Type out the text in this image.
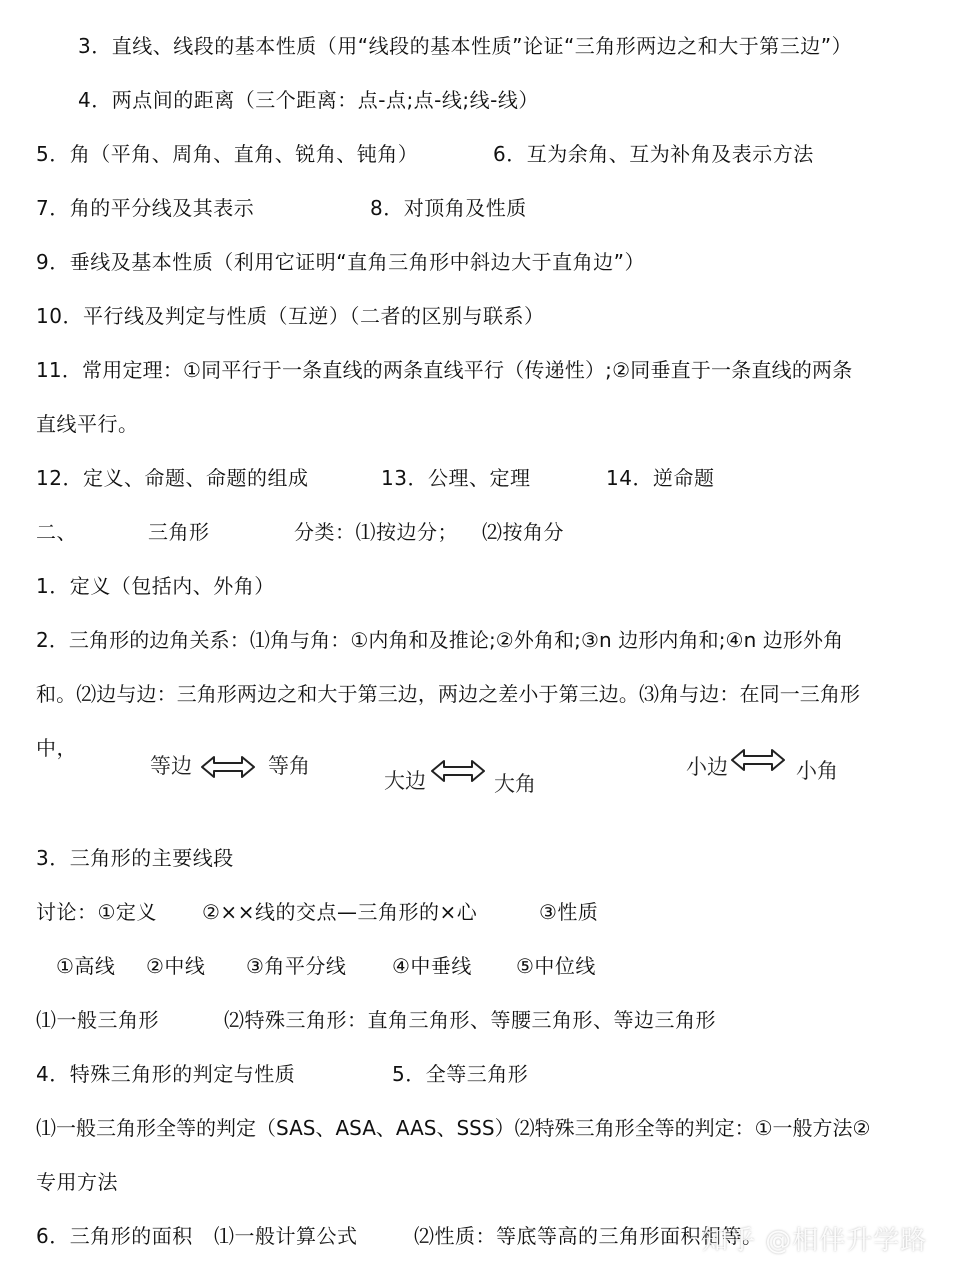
3．直线、线段的基本性质（用“线段的基本性质”论证“三角形两边之和大于第三边”）
4．两点间的距离（三个距离：点-点;点-线;线-线）
5．角（平角、周角、直角、锐角、钝角）	6．互为余角、互为补角及表示方法
7．角的平分线及其表示	8．对顶角及性质
9．垂线及基本性质（利用它证明“直角三角形中斜边大于直角边”）
10．平行线及判定与性质（互逆）（二者的区别与联系）
11．常用定理：①同平行于一条直线的两条直线平行（传递性）;②同垂直于一条直线的两条
直线平行。
12．定义、命题、命题的组成	13．公理、定理	14．逆命题
二、	三角形	分类：⑴按边分； ⑵按角分
1．定义（包括内、外角）
2．三角形的边角关系：⑴角与角：①内角和及推论;②外角和;③n 边形内角和;④n 边形外角
和。⑵边与边：三角形两边之和大于第三边，两边之差小于第三边。⑶角与边：在同一三角形
中，
等边	等角
大边	大角
小边	小角
3．三角形的主要线段
讨论：①定义 ②××线的交点—三角形的×心	③性质
①高线 ②中线 ③角平分线 ④中垂线 ⑤中位线
⑴一般三角形	⑵特殊三角形：直角三角形、等腰三角形、等边三角形
4．特殊三角形的判定与性质	5．全等三角形
⑴一般三角形全等的判定（SAS、ASA、AAS、SSS）⑵特殊三角形全等的判定：①一般方法②
专用方法
6．三角形的面积 ⑴一般计算公式	⑵性质：等底等高的三角形面积相等。
知乎 @相伴升学路
